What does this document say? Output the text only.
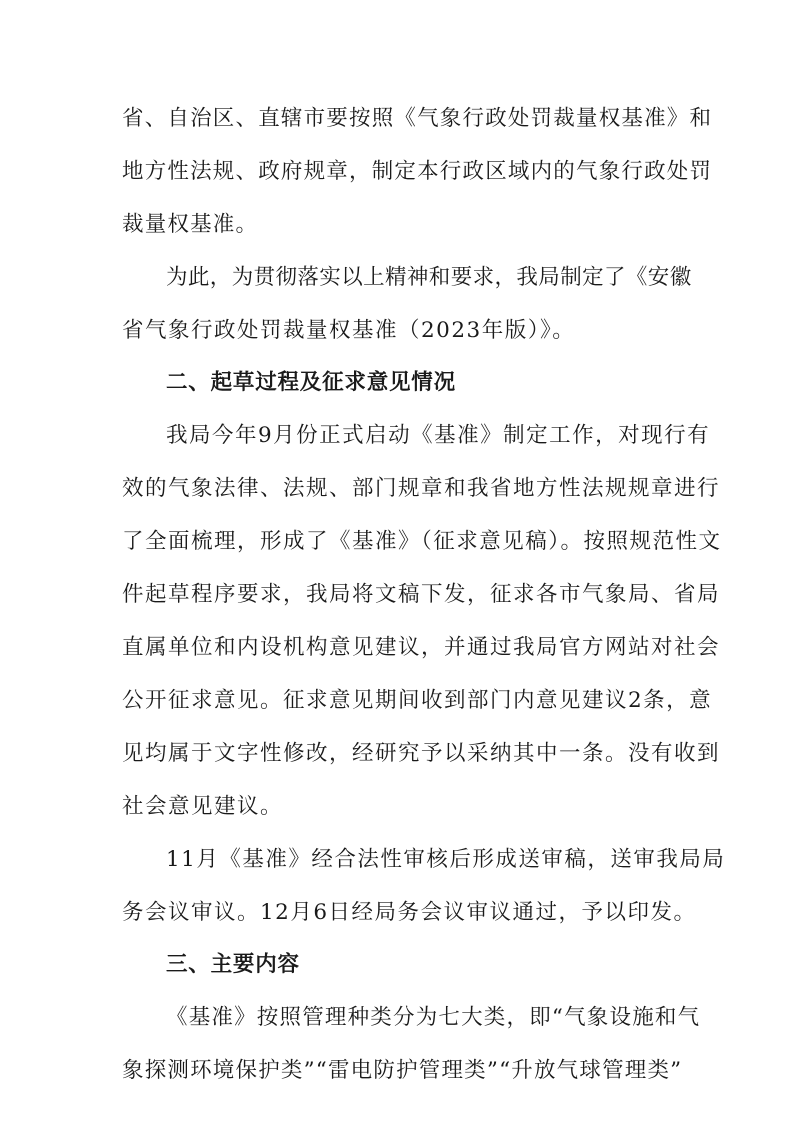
省、自治区、直辖市要按照《气象行政处罚裁量权基准》和
地方性法规、政府规章，制定本行政区域内的气象行政处罚
裁量权基准。
为此，为贯彻落实以上精神和要求，我局制定了《安徽
省气象行政处罚裁量权基准（2023年版）》。
二、起草过程及征求意见情况
我局今年9月份正式启动《基准》制定工作，对现行有
效的气象法律、法规、部门规章和我省地方性法规规章进行
了全面梳理，形成了《基准》（征求意见稿）。按照规范性文
件起草程序要求，我局将文稿下发，征求各市气象局、省局
直属单位和内设机构意见建议，并通过我局官方网站对社会
公开征求意见。征求意见期间收到部门内意见建议2条，意
见均属于文字性修改，经研究予以采纳其中一条。没有收到
社会意见建议。
11月《基准》经合法性审核后形成送审稿，送审我局局
务会议审议。12月6日经局务会议审议通过，予以印发。
三、主要内容
《基准》按照管理种类分为七大类，即“气象设施和气
象探测环境保护类”“雷电防护管理类”“升放气球管理类”
